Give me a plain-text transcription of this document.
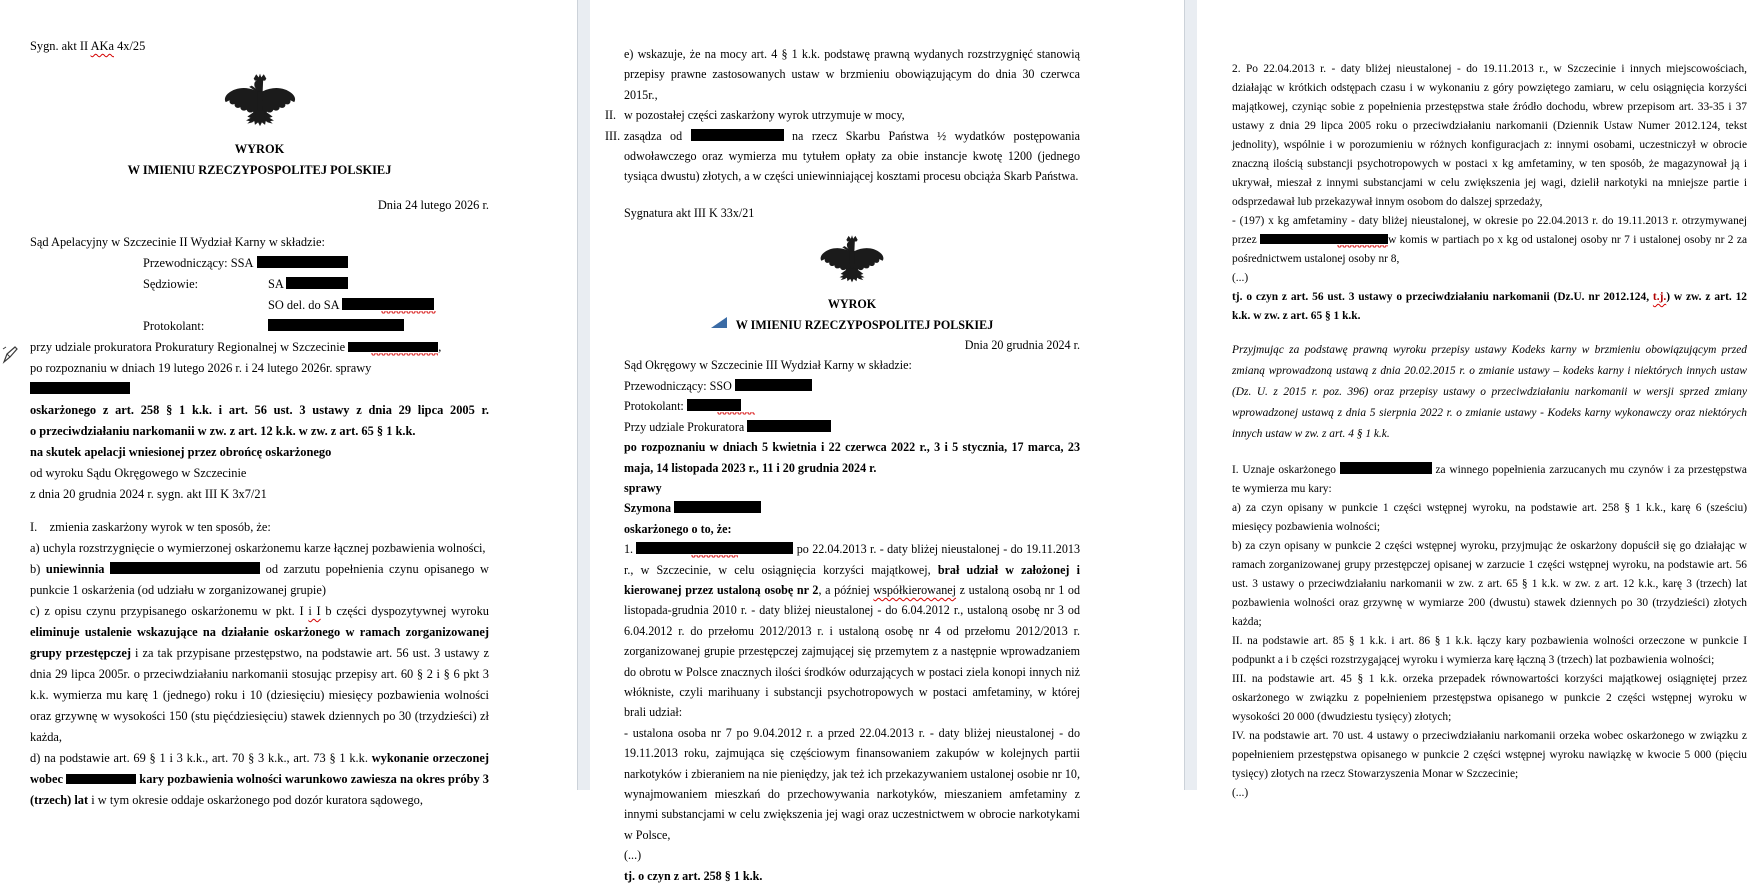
Sygn. akt II AKa 4x/25

WYROK

W IMIENIU RZECZYPOSPOLITEJ POLSKIEJ

Dnia 24 lutego 2026 r.

Sąd Apelacyjny w Szczecinie II Wydział Karny w składzie:

Przewodniczący: SSA

Sędziowie:	SA

SO del. do SA

Protokolant:

przy udziale prokuratora Prokuratury Regionalnej w Szczecinie	,

po rozpoznaniu w dniach 19 lutego 2026 r. i 24 lutego 2026r. sprawy

oskarżonego z art. 258 § 1 k.k. i art. 56 ust. 3 ustawy z dnia 29 lipca 2005 r.

o przeciwdziałaniu narkomanii w zw. z art. 12 k.k. w zw. z art. 65 § 1 k.k.

na skutek apelacji wniesionej przez obrońcę oskarżonego

od wyroku Sądu Okręgowego w Szczecinie

z dnia 20 grudnia 2024 r. sygn. akt III K 3x7/21

I. zmienia zaskarżony wyrok w ten sposób, że:

a) uchyla rozstrzygnięcie o wymierzonej oskarżonemu karze łącznej pozbawienia wolności,

b) uniewinnia	od zarzutu popełnienia czynu opisanego w punkcie 1 oskarżenia (od udziału w zorganizowanej grupie)

c) z opisu czynu przypisanego oskarżonemu w pkt. I i I b części dyspozytywnej wyroku eliminuje ustalenie wskazujące na działanie oskarżonego w ramach zorganizowanej grupy przestępczej i za tak przypisane przestępstwo, na podstawie art. 56 ust. 3 ustawy z dnia 29 lipca 2005r. o przeciwdziałaniu narkomanii stosując przepisy art. 60 § 2 i § 6 pkt 3 k.k. wymierza mu karę 1 (jednego) roku i 10 (dziesięciu) miesięcy pozbawienia wolności oraz grzywnę w wysokości 150 (stu pięćdziesięciu) stawek dziennych po 30 (trzydzieści) zł każda,

d) na podstawie art. 69 § 1 i 3 k.k., art. 70 § 3 k.k., art. 73 § 1 k.k. wykonanie orzeczonej wobec	kary pozbawienia wolności warunkowo zawiesza na okres próby 3 (trzech) lat i w tym okresie oddaje oskarżonego pod dozór kuratora sądowego,

e) wskazuje, że na mocy art. 4 § 1 k.k. podstawę prawną wydanych rozstrzygnięć stanowią przepisy prawne zastosowanych ustaw w brzmieniu obowiązującym do dnia 30 czerwca 2015r.,

II. w pozostałej części zaskarżony wyrok utrzymuje w mocy,

III. zasądza od	na rzecz Skarbu Państwa ½ wydatków postępowania odwoławczego oraz wymierza mu tytułem opłaty za obie instancje kwotę 1200 (jednego tysiąca dwustu) złotych, a w części uniewinniającej kosztami procesu obciąża Skarb Państwa.

Sygnatura akt III K 33x/21

WYROK

W IMIENIU RZECZYPOSPOLITEJ POLSKIEJ

Dnia 20 grudnia 2024 r.

Sąd Okręgowy w Szczecinie III Wydział Karny w składzie:

Przewodniczący: SSO

Protokolant:

Przy udziale Prokuratora

po rozpoznaniu w dniach 5 kwietnia i 22 czerwca 2022 r., 3 i 5 stycznia, 17 marca, 23 maja, 14 listopada 2023 r., 11 i 20 grudnia 2024 r.

sprawy

Szymona

oskarżonego o to, że:

1.	po 22.04.2013 r. - daty bliżej nieustalonej - do 19.11.2013 r., w Szczecinie, w celu osiągnięcia korzyści majątkowej, brał udział w założonej i kierowanej przez ustaloną osobę nr 2, a później współkierowanej z ustaloną osobą nr 1 od listopada-grudnia 2010 r. - daty bliżej nieustalonej - do 6.04.2012 r., ustaloną osobę nr 3 od 6.04.2012 r. do przełomu 2012/2013 r. i ustaloną osobę nr 4 od przełomu 2012/2013 r. zorganizowanej grupie przestępczej zajmującej się przemytem z a następnie wprowadzaniem do obrotu w Polsce znacznych ilości środków odurzających w postaci ziela konopi innych niż włókniste, czyli marihuany i substancji psychotropowych w postaci amfetaminy, w której brali udział:

- ustalona osoba nr 7 po 9.04.2012 r. a przed 22.04.2013 r. - daty bliżej nieustalonej - do 19.11.2013 roku, zajmująca się częściowym finansowaniem zakupów w kolejnych partii narkotyków i zbieraniem na nie pieniędzy, jak też ich przekazywaniem ustalonej osobie nr 10, wynajmowaniem mieszkań do przechowywania narkotyków, mieszaniem amfetaminy z innymi substancjami w celu zwiększenia jej wagi oraz uczestnictwem w obrocie narkotykami w Polsce,

(...)

tj. o czyn z art. 258 § 1 k.k.

2. Po 22.04.2013 r. - daty bliżej nieustalonej - do 19.11.2013 r., w Szczecinie i innych miejscowościach, działając w krótkich odstępach czasu i w wykonaniu z góry powziętego zamiaru, w celu osiągnięcia korzyści majątkowej, czyniąc sobie z popełnienia przestępstwa stałe źródło dochodu, wbrew przepisom art. 33-35 i 37 ustawy z dnia 29 lipca 2005 roku o przeciwdziałaniu narkomanii (Dziennik Ustaw Numer 2012.124, tekst jednolity), wspólnie i w porozumieniu w różnych konfiguracjach z: innymi osobami, uczestniczył w obrocie znaczną ilością substancji psychotropowych w postaci x kg amfetaminy, w ten sposób, że magazynował ją i ukrywał, mieszał z innymi substancjami w celu zwiększenia jej wagi, dzielił narkotyki na mniejsze partie i odsprzedawał lub przekazywał innym osobom do dalszej sprzedaży,

- (197) x kg amfetaminy - daty bliżej nieustalonej, w okresie po 22.04.2013 r. do 19.11.2013 r. otrzymywanej przez	w komis w partiach po x kg od ustalonej osoby nr 7 i ustalonej osoby nr 2 za pośrednictwem ustalonej osoby nr 8,

(...)

tj. o czyn z art. 56 ust. 3 ustawy o przeciwdziałaniu narkomanii (Dz.U. nr 2012.124, t.j.) w zw. z art. 12 k.k. w zw. z art. 65 § 1 k.k.

Przyjmując za podstawę prawną wyroku przepisy ustawy Kodeks karny w brzmieniu obowiązującym przed zmianą wprowadzoną ustawą z dnia 20.02.2015 r. o zmianie ustawy – kodeks karny i niektórych innych ustaw (Dz. U. z 2015 r. poz. 396) oraz przepisy ustawy o przeciwdziałaniu narkomanii w wersji sprzed zmiany wprowadzonej ustawą z dnia 5 sierpnia 2022 r. o zmianie ustawy - Kodeks karny wykonawczy oraz niektórych innych ustaw w zw. z art. 4 § 1 k.k.

I. Uznaje oskarżonego	za winnego popełnienia zarzucanych mu czynów i za przestępstwa te wymierza mu kary:

a) za czyn opisany w punkcie 1 części wstępnej wyroku, na podstawie art. 258 § 1 k.k., karę 6 (sześciu) miesięcy pozbawienia wolności;

b) za czyn opisany w punkcie 2 części wstępnej wyroku, przyjmując że oskarżony dopuścił się go działając w ramach zorganizowanej grupy przestępczej opisanej w zarzucie 1 części wstępnej wyroku, na podstawie art. 56 ust. 3 ustawy o przeciwdziałaniu narkomanii w zw. z art. 65 § 1 k.k. w zw. z art. 12 k.k., karę 3 (trzech) lat pozbawienia wolności oraz grzywnę w wymiarze 200 (dwustu) stawek dziennych po 30 (trzydzieści) złotych każda;

II. na podstawie art. 85 § 1 k.k. i art. 86 § 1 k.k. łączy kary pozbawienia wolności orzeczone w punkcie I podpunkt a i b części rozstrzygającej wyroku i wymierza karę łączną 3 (trzech) lat pozbawienia wolności;

III. na podstawie art. 45 § 1 k.k. orzeka przepadek równowartości korzyści majątkowej osiągniętej przez oskarżonego w związku z popełnieniem przestępstwa opisanego w punkcie 2 części wstępnej wyroku w wysokości 20 000 (dwudziestu tysięcy) złotych;

IV. na podstawie art. 70 ust. 4 ustawy o przeciwdziałaniu narkomanii orzeka wobec oskarżonego w związku z popełnieniem przestępstwa opisanego w punkcie 2 części wstępnej wyroku nawiązkę w kwocie 5 000 (pięciu tysięcy) złotych na rzecz Stowarzyszenia Monar w Szczecinie;

(...)
